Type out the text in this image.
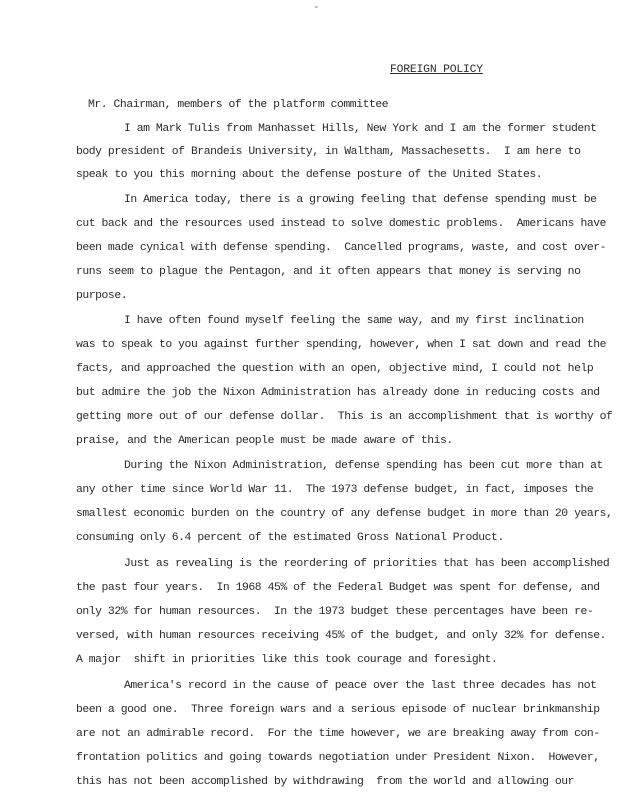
-
FOREIGN POLICY
Mr. Chairman, members of the platform committee
I am Mark Tulis from Manhasset Hills, New York and I am the former student
body president of Brandeis University, in Waltham, Massachesetts.  I am here to
speak to you this morning about the defense posture of the United States.
In America today, there is a growing feeling that defense spending must be
cut back and the resources used instead to solve domestic problems.  Americans have
been made cynical with defense spending.  Cancelled programs, waste, and cost over-
runs seem to plague the Pentagon, and it often appears that money is serving no
purpose.
I have often found myself feeling the same way, and my first inclination
was to speak to you against further spending, however, when I sat down and read the
facts, and approached the question with an open, objective mind, I could not help
but admire the job the Nixon Administration has already done in reducing costs and
getting more out of our defense dollar.  This is an accomplishment that is worthy of
praise, and the American people must be made aware of this.
During the Nixon Administration, defense spending has been cut more than at
any other time since World War 11.  The 1973 defense budget, in fact, imposes the
smallest economic burden on the country of any defense budget in more than 20 years,
consuming only 6.4 percent of the estimated Gross National Product.
Just as revealing is the reordering of priorities that has been accomplished
the past four years.  In 1968 45% of the Federal Budget was spent for defense, and
only 32% for human resources.  In the 1973 budget these percentages have been re-
versed, with human resources receiving 45% of the budget, and only 32% for defense.
A major  shift in priorities like this took courage and foresight.
America's record in the cause of peace over the last three decades has not
been a good one.  Three foreign wars and a serious episode of nuclear brinkmanship
are not an admirable record.  For the time however, we are breaking away from con-
frontation politics and going towards negotiation under President Nixon.  However,
this has not been accomplished by withdrawing  from the world and allowing our
